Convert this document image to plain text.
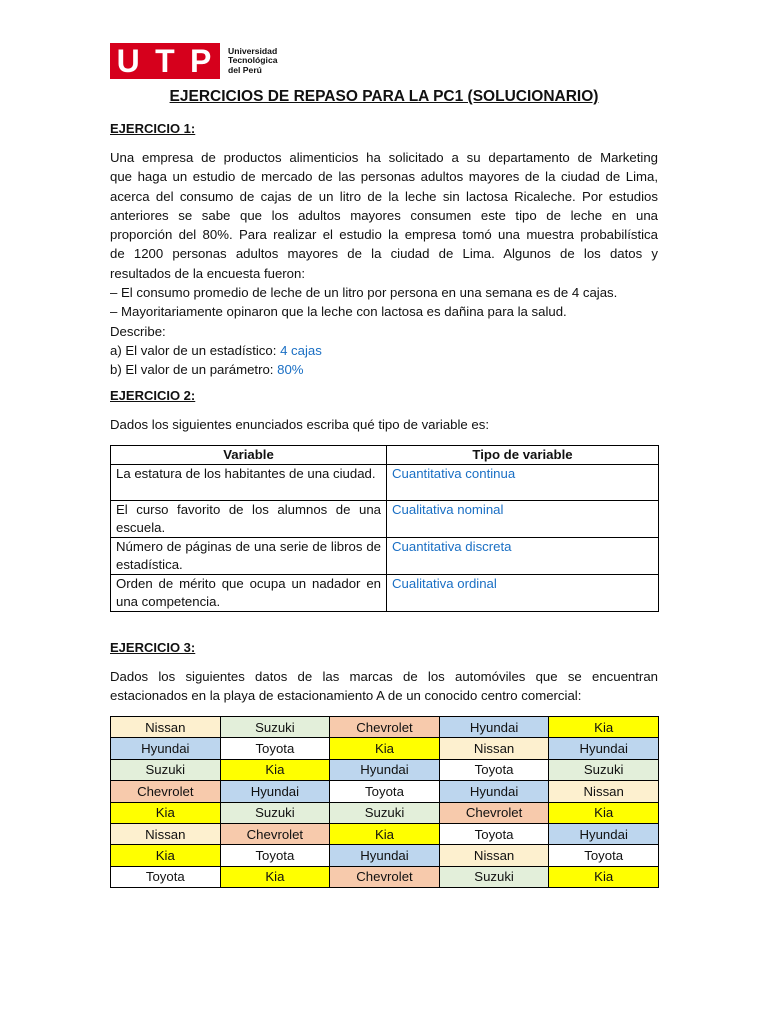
U T P Universidad
Tecnológica
del Perú
EJERCICIOS DE REPASO PARA LA PC1 (SOLUCIONARIO)
EJERCICIO 1:
Una empresa de productos alimenticios ha solicitado a su departamento de Marketing
que haga un estudio de mercado de las personas adultos mayores de la ciudad de Lima,
acerca del consumo de cajas de un litro de la leche sin lactosa Ricaleche. Por estudios
anteriores se sabe que los adultos mayores consumen este tipo de leche en una
proporción del 80%. Para realizar el estudio la empresa tomó una muestra probabilística
de 1200 personas adultos mayores de la ciudad de Lima. Algunos de los datos y
resultados de la encuesta fueron:
– El consumo promedio de leche de un litro por persona en una semana es de 4 cajas.
– Mayoritariamente opinaron que la leche con lactosa es dañina para la salud.
Describe:
a) El valor de un estadístico: 4 cajas
b) El valor de un parámetro: 80%
EJERCICIO 2:
Dados los siguientes enunciados escriba qué tipo de variable es:
Variable	Tipo de variable
La estatura de los habitantes de una ciudad.	Cuantitativa continua
El curso favorito de los alumnos de una escuela.	Cualitativa nominal
Número de páginas de una serie de libros de estadística.	Cuantitativa discreta
Orden de mérito que ocupa un nadador en una competencia.	Cualitativa ordinal
EJERCICIO 3:
Dados los siguientes datos de las marcas de los automóviles que se encuentran
estacionados en la playa de estacionamiento A de un conocido centro comercial:
Nissan	Suzuki	Chevrolet	Hyundai	Kia
Hyundai	Toyota	Kia	Nissan	Hyundai
Suzuki	Kia	Hyundai	Toyota	Suzuki
Chevrolet	Hyundai	Toyota	Hyundai	Nissan
Kia	Suzuki	Suzuki	Chevrolet	Kia
Nissan	Chevrolet	Kia	Toyota	Hyundai
Kia	Toyota	Hyundai	Nissan	Toyota
Toyota	Kia	Chevrolet	Suzuki	Kia
